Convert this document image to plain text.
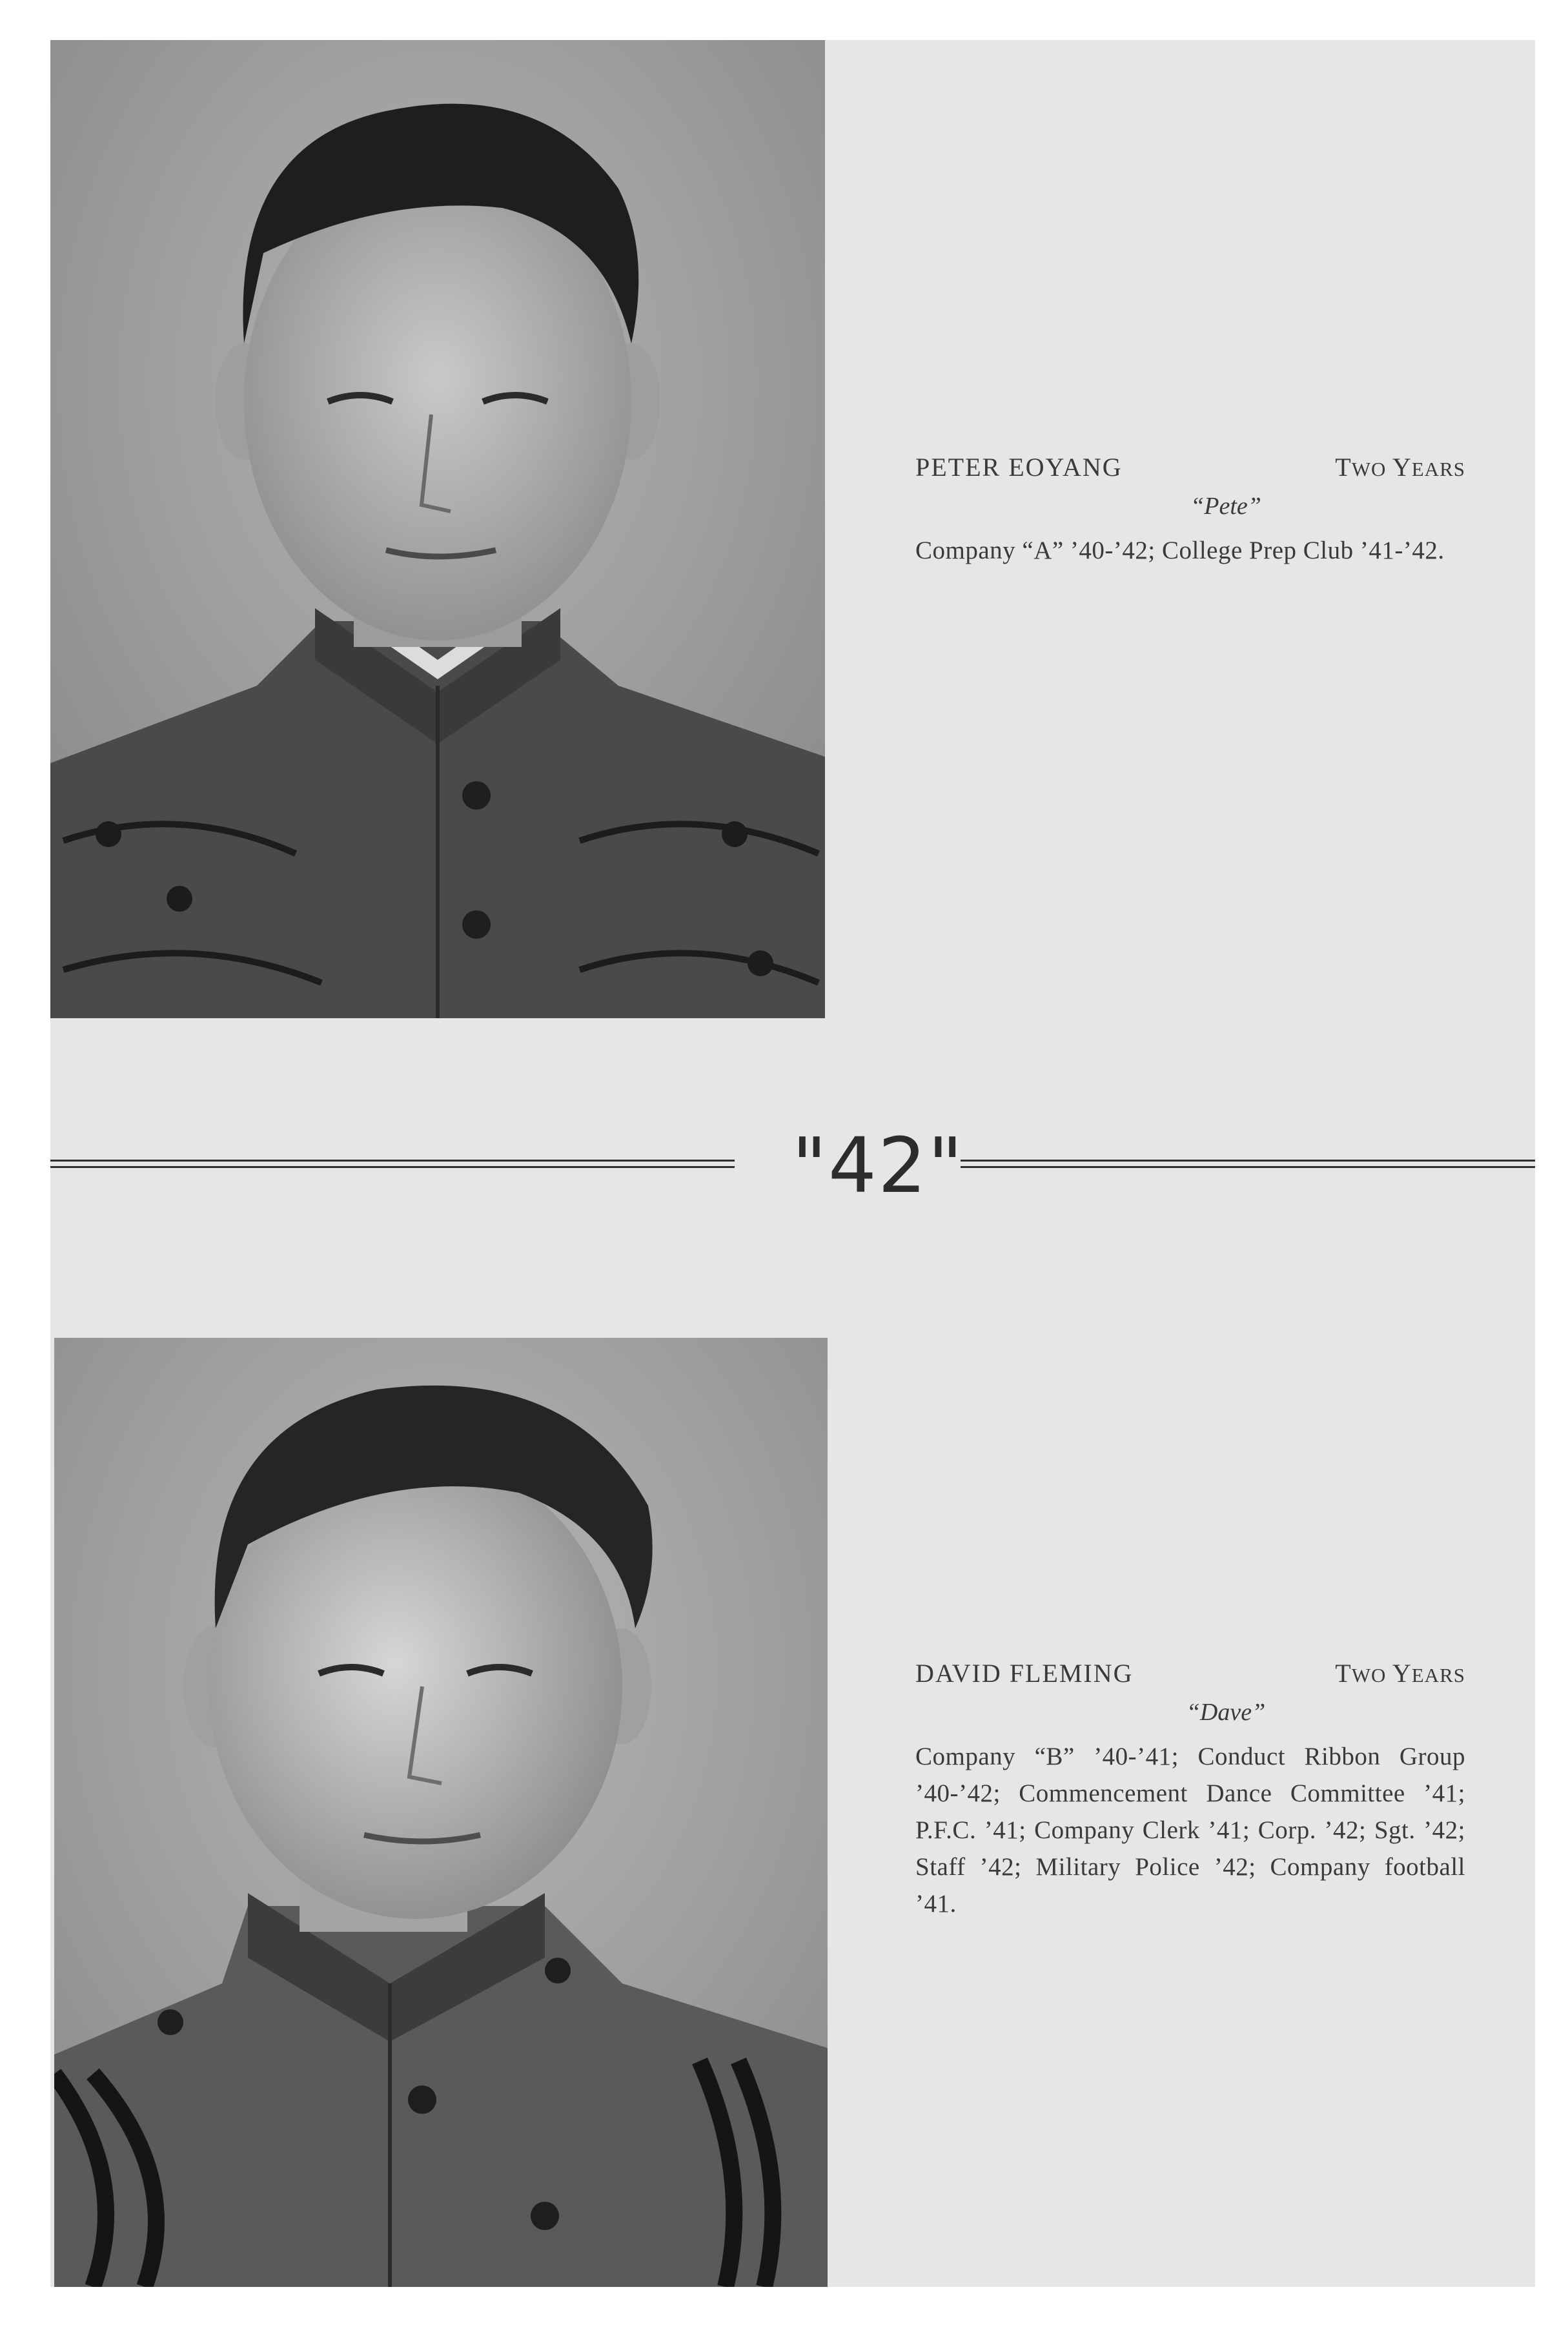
PETER EOYANG	TWO YEARS
“Pete”
Company “A” ’40-’42; College Prep Club ’41-’42.
"42"
DAVID FLEMING	TWO YEARS
“Dave”
Company “B” ’40-’41; Conduct Ribbon Group ’40-’42; Commencement Dance Committee ’41; P.F.C. ’41; Company Clerk ’41; Corp. ’42; Sgt. ’42; Staff ’42; Military Police ’42; Company football ’41.
